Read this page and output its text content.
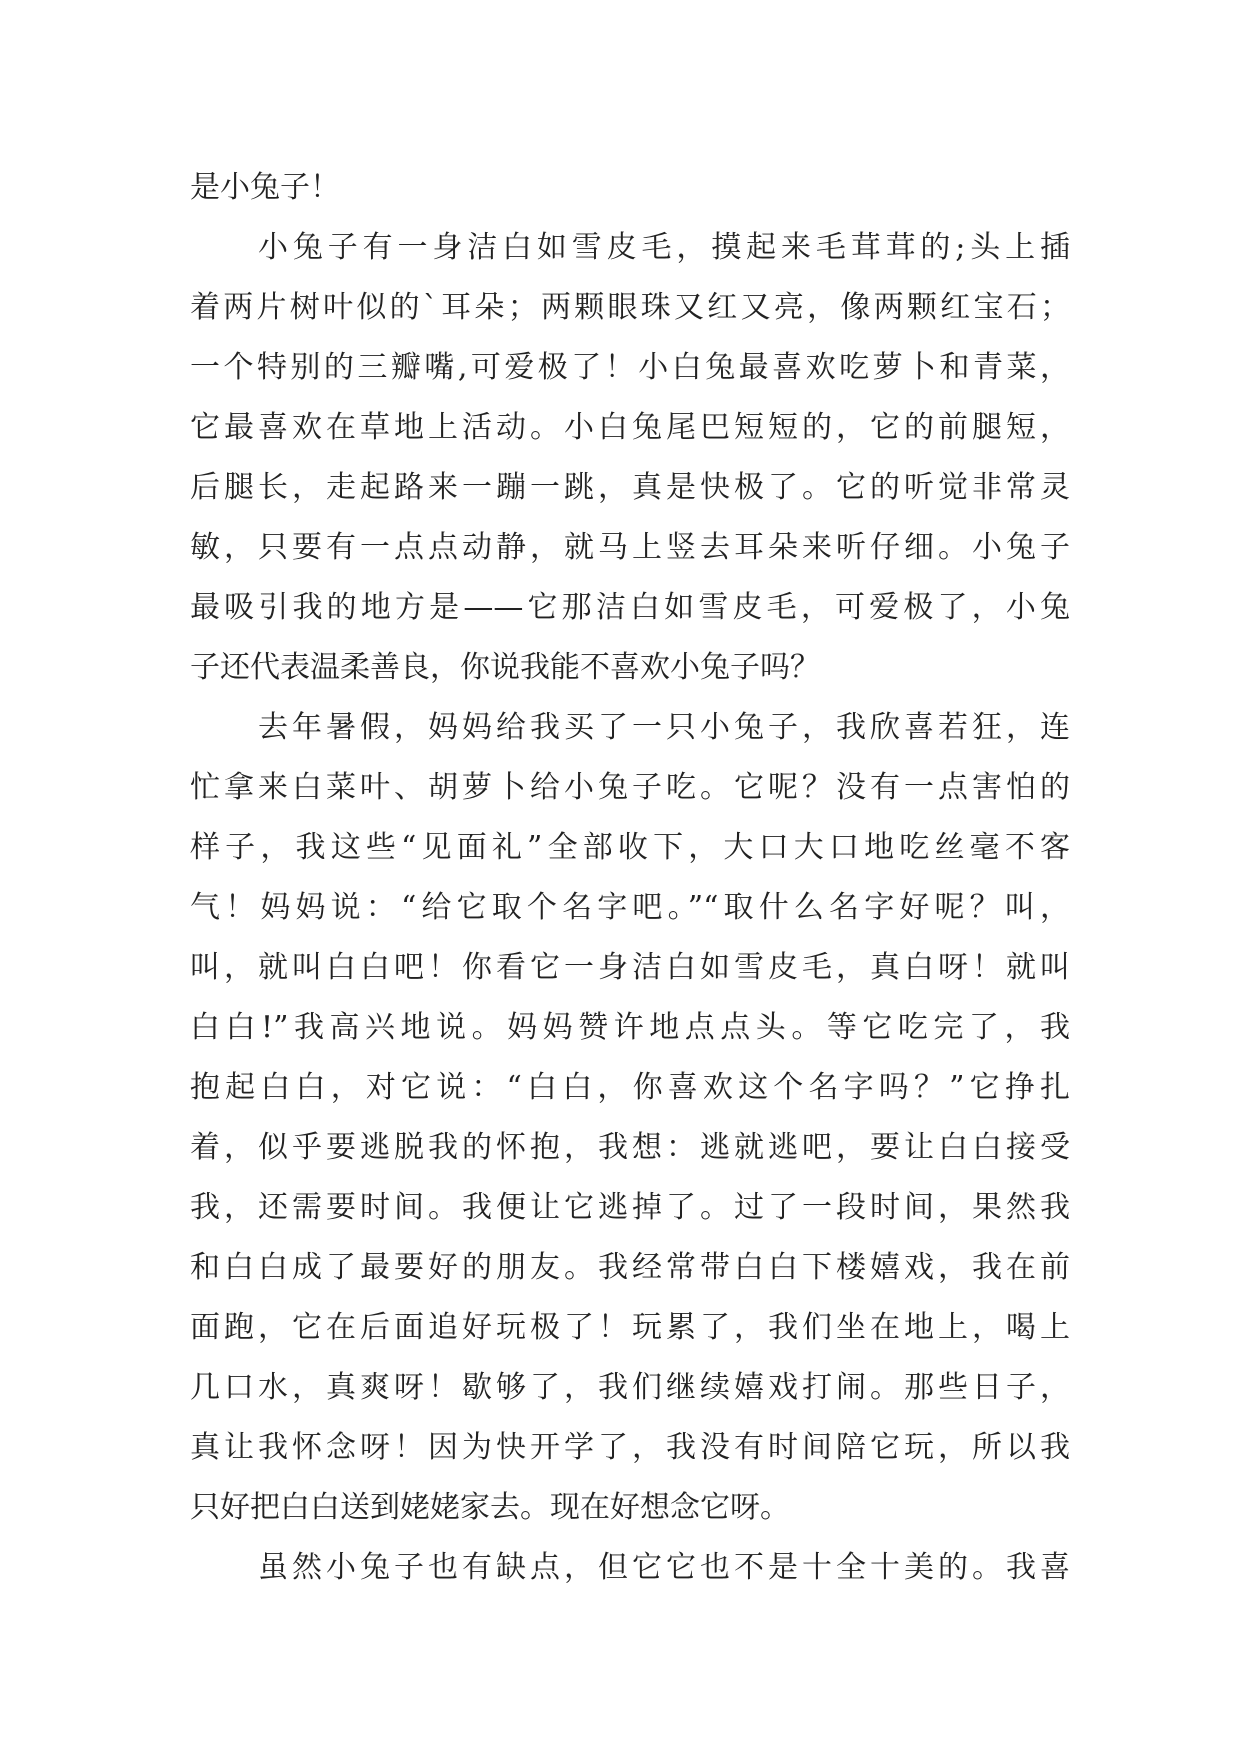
是小兔子！
小兔子有一身洁白如雪皮毛，摸起来毛茸茸的;头上插
着两片树叶似的`耳朵；两颗眼珠又红又亮，像两颗红宝石；
一个特别的三瓣嘴,可爱极了！小白兔最喜欢吃萝卜和青菜，
它最喜欢在草地上活动。小白兔尾巴短短的，它的前腿短，
后腿长，走起路来一蹦一跳，真是快极了。它的听觉非常灵
敏，只要有一点点动静，就马上竖去耳朵来听仔细。小兔子
最吸引我的地方是——它那洁白如雪皮毛，可爱极了，小兔
子还代表温柔善良，你说我能不喜欢小兔子吗？
去年暑假，妈妈给我买了一只小兔子，我欣喜若狂，连
忙拿来白菜叶、胡萝卜给小兔子吃。它呢？没有一点害怕的
样子，我这些“见面礼”全部收下，大口大口地吃丝毫不客
气！妈妈说：“给它取个名字吧。”“取什么名字好呢？叫，
叫，就叫白白吧！你看它一身洁白如雪皮毛，真白呀！就叫
白白!”我高兴地说。妈妈赞许地点点头。等它吃完了，我
抱起白白，对它说：“白白，你喜欢这个名字吗？”它挣扎
着，似乎要逃脱我的怀抱，我想：逃就逃吧，要让白白接受
我，还需要时间。我便让它逃掉了。过了一段时间，果然我
和白白成了最要好的朋友。我经常带白白下楼嬉戏，我在前
面跑，它在后面追好玩极了！玩累了，我们坐在地上，喝上
几口水，真爽呀！歇够了，我们继续嬉戏打闹。那些日子，
真让我怀念呀！因为快开学了，我没有时间陪它玩，所以我
只好把白白送到姥姥家去。现在好想念它呀。
虽然小兔子也有缺点，但它它也不是十全十美的。我喜
